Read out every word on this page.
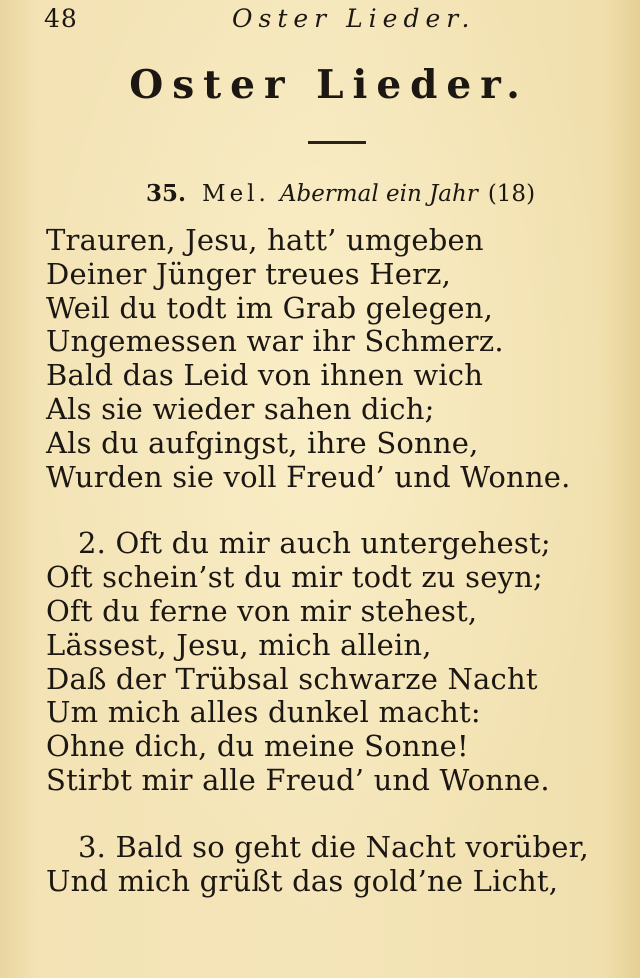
48	Oster Lieder.
Oster Lieder.
35. Mel. Abermal ein Jahr (18)
Trauren, Jesu, hatt’ umgeben
Deiner Jünger treues Herz,
Weil du todt im Grab gelegen,
Ungemessen war ihr Schmerz.
Bald das Leid von ihnen wich
Als sie wieder sahen dich;
Als du aufgingst, ihre Sonne,
Wurden sie voll Freud’ und Wonne.
2. Oft du mir auch untergehest;
Oft schein’st du mir todt zu seyn;
Oft du ferne von mir stehest,
Lässest, Jesu, mich allein,
Daß der Trübsal schwarze Nacht
Um mich alles dunkel macht:
Ohne dich, du meine Sonne!
Stirbt mir alle Freud’ und Wonne.
3. Bald so geht die Nacht vorüber,
Und mich grüßt das gold’ne Licht,
